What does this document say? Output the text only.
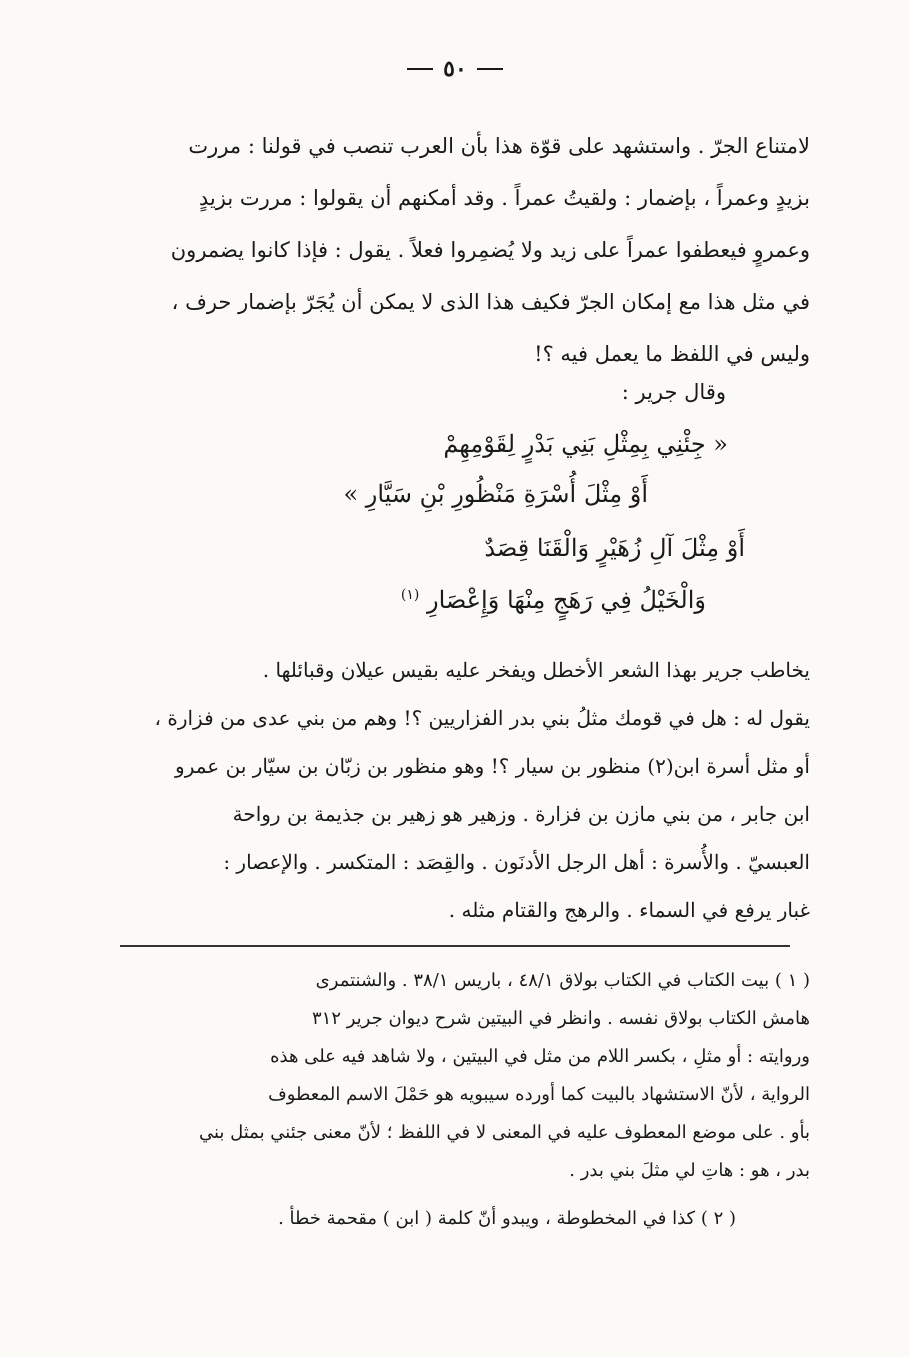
٥٠
لامتناع الجرّ . واستشهد على قوّة هذا بأن العرب تنصب في قولنا : مررت
بزيدٍ وعمراً ، بإضمار : ولقيتُ عمراً . وقد أمكنهم أن يقولوا : مررت بزيدٍ
وعمروٍ فيعطفوا عمراً على زيد ولا يُضمِروا فعلاً . يقول : فإذا كانوا يضمرون
في مثل هذا مع إمكان الجرّ فكيف هذا الذى لا يمكن أن يُجَرّ بإضمار حرف ،
وليس في اللفظ ما يعمل فيه ؟!
وقال جرير :
« جِئْنِي بِمِثْلِ بَنِي بَدْرٍ لِقَوْمِهِمْ
أَوْ مِثْلَ أُسْرَةِ مَنْظُورِ بْنِ سَيَّارِ »
أَوْ مِثْلَ آلِ زُهَيْرٍ وَالْقَنَا قِصَدٌ
وَالْخَيْلُ فِي رَهَجٍ مِنْهَا وَإِعْصَارِ $^{(١)}$
يخاطب جرير بهذا الشعر الأخطل ويفخر عليه بقيس عيلان وقبائلها .
يقول له : هل في قومك مثلُ بني بدر الفزاريين ؟! وهم من بني عدى من فزارة ،
أو مثل أسرة ابن(٢) منظور بن سيار ؟! وهو منظور بن زبّان بن سيّار بن عمرو
ابن جابر ، من بني مازن بن فزارة . وزهير هو زهير بن جذيمة بن رواحة
العبسيّ . والأُسرة : أهل الرجل الأدنَون . والقِصَد : المتكسر . والإعصار :
غبار يرفع في السماء . والرهج والقتام مثله .
( ١ ) بيت الكتاب في الكتاب بولاق ٤٨/١ ، باريس ٣٨/١ . والشنتمرى
هامش الكتاب بولاق نفسه . وانظر في البيتين شرح ديوان جرير ٣١٢
وروايته : أو مثلِ ، بكسر اللام من مثل في البيتين ، ولا شاهد فيه على هذه
الرواية ، لأنّ الاستشهاد بالبيت كما أورده سيبويه هو حَمْلَ الاسم المعطوف
بأو . على موضع المعطوف عليه في المعنى لا في اللفظ ؛ لأنّ معنى جئني بمثل بني
بدر ، هو : هاتِ لي مثلَ بني بدر .
( ٢ ) كذا في المخطوطة ، ويبدو أنّ كلمة ( ابن ) مقحمة خطأ .
